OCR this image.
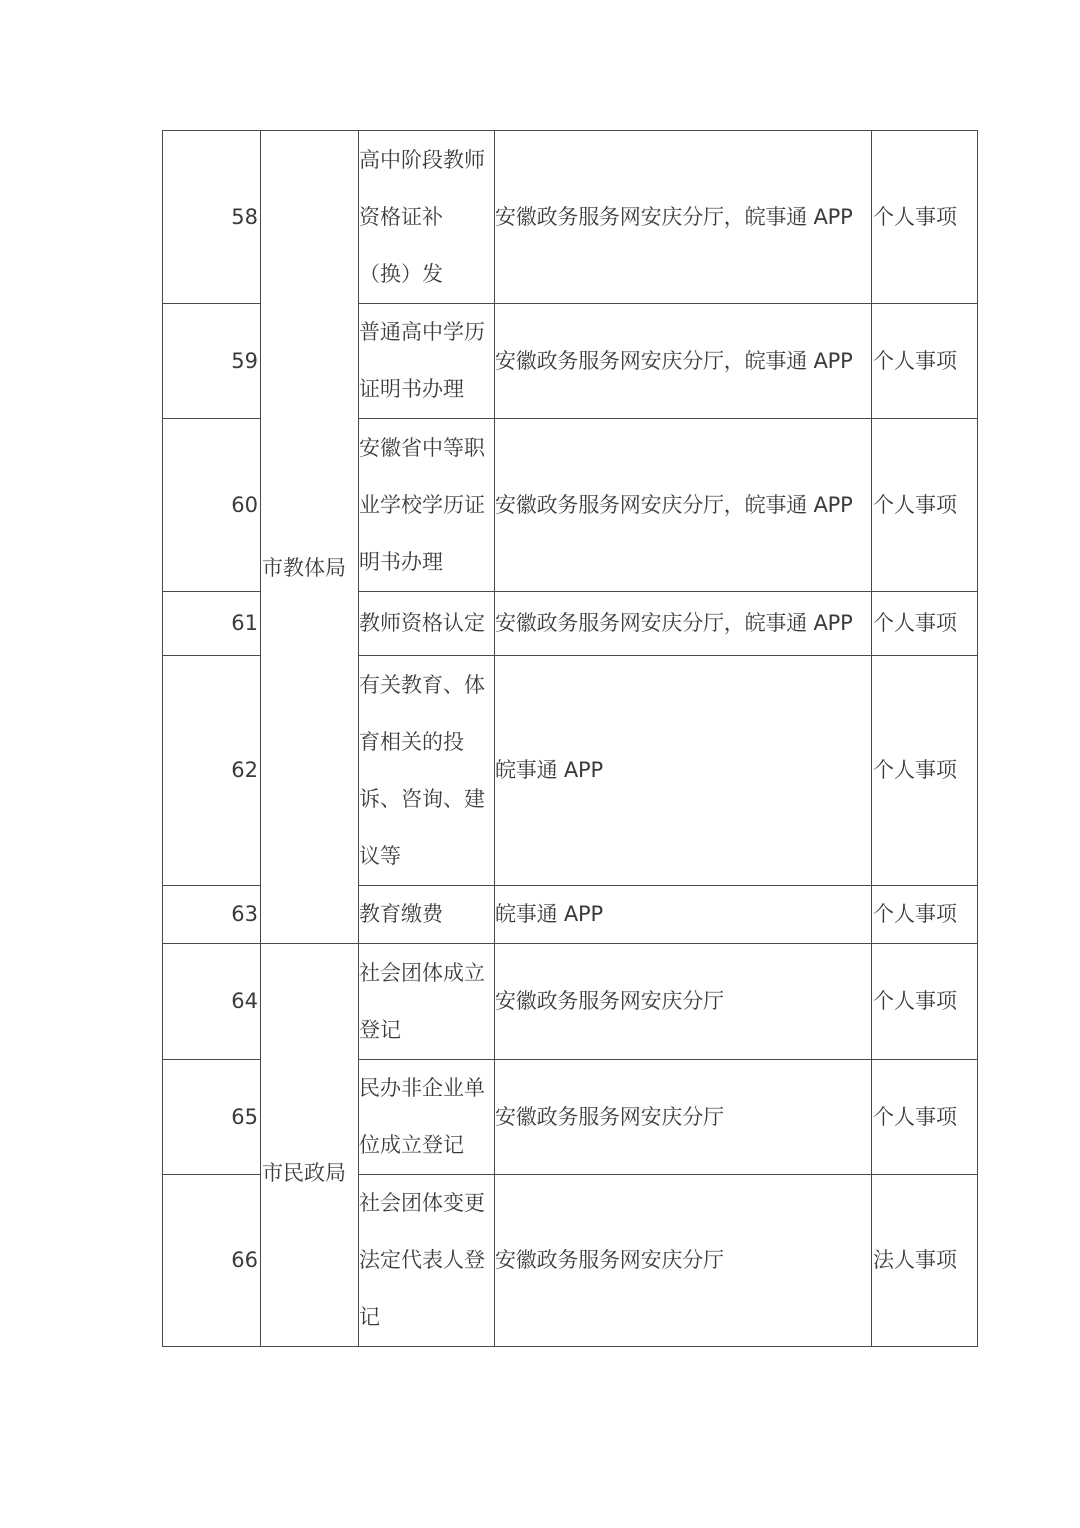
58	市教体局	高中阶段教师资格证补（换）发	安徽政务服务网安庆分厅，皖事通 APP	个人事项
59		普通高中学历证明书办理	安徽政务服务网安庆分厅，皖事通 APP	个人事项
60		安徽省中等职业学校学历证明书办理	安徽政务服务网安庆分厅，皖事通 APP	个人事项
61		教师资格认定	安徽政务服务网安庆分厅，皖事通 APP	个人事项
62		有关教育、体育相关的投诉、咨询、建议等	皖事通 APP	个人事项
63		教育缴费	皖事通 APP	个人事项
64	市民政局	社会团体成立登记	安徽政务服务网安庆分厅	个人事项
65		民办非企业单位成立登记	安徽政务服务网安庆分厅	个人事项
66		社会团体变更法定代表人登记	安徽政务服务网安庆分厅	法人事项
